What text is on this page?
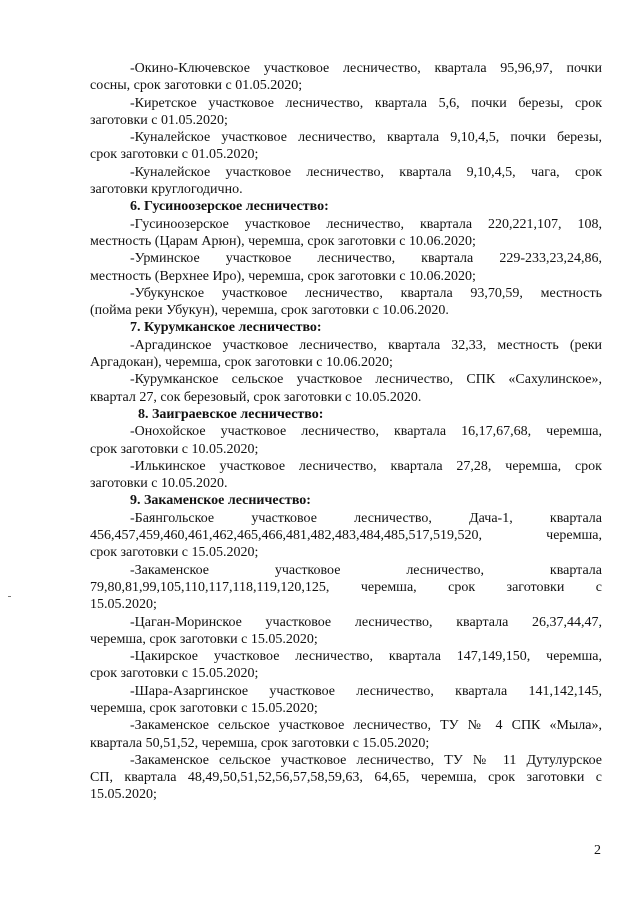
-Окино-Ключевское участковое лесничество, квартала 95,96,97, почки
сосны, срок заготовки с 01.05.2020;
-Киретское участковое лесничество, квартала 5,6, почки березы, срок
заготовки с 01.05.2020;
-Куналейское участковое лесничество, квартала 9,10,4,5, почки березы,
срок заготовки с 01.05.2020;
-Куналейское участковое лесничество, квартала 9,10,4,5, чага, срок
заготовки круглогодично.
6. Гусиноозерское лесничество:
-Гусиноозерское участковое лесничество, квартала 220,221,107, 108,
местность (Царам Арюн), черемша, срок заготовки с 10.06.2020;
-Урминское участковое лесничество, квартала 229-233,23,24,86,
местность (Верхнее Иро), черемша, срок заготовки с 10.06.2020;
-Убукунское участковое лесничество, квартала 93,70,59, местность
(пойма реки Убукун), черемша, срок заготовки с 10.06.2020.
7. Курумканское лесничество:
-Аргадинское участковое лесничество, квартала 32,33, местность (реки
Аргадокан), черемша, срок заготовки с 10.06.2020;
-Курумканское сельское участковое лесничество, СПК «Сахулинское»,
квартал 27, сок березовый, срок заготовки с 10.05.2020.
8. Заиграевское лесничество:
-Онохойское участковое лесничество, квартала 16,17,67,68, черемша,
срок заготовки с 10.05.2020;
-Илькинское участковое лесничество, квартала 27,28, черемша, срок
заготовки с 10.05.2020.
9. Закаменское лесничество:
-Баянгольское участковое лесничество, Дача-1, квартала
456,457,459,460,461,462,465,466,481,482,483,484,485,517,519,520, черемша,
срок заготовки с 15.05.2020;
-Закаменское участковое лесничество, квартала
79,80,81,99,105,110,117,118,119,120,125, черемша, срок заготовки с
15.05.2020;
-Цаган-Моринское участковое лесничество, квартала 26,37,44,47,
черемша, срок заготовки с 15.05.2020;
-Цакирское участковое лесничество, квартала 147,149,150, черемша,
срок заготовки с 15.05.2020;
-Шара-Азаргинское участковое лесничество, квартала 141,142,145,
черемша, срок заготовки с 15.05.2020;
-Закаменское сельское участковое лесничество, ТУ № 4 СПК «Мыла»,
квартала 50,51,52, черемша, срок заготовки с 15.05.2020;
-Закаменское сельское участковое лесничество, ТУ № 11 Дутулурское
СП, квартала 48,49,50,51,52,56,57,58,59,63, 64,65, черемша, срок заготовки с
15.05.2020;
2
